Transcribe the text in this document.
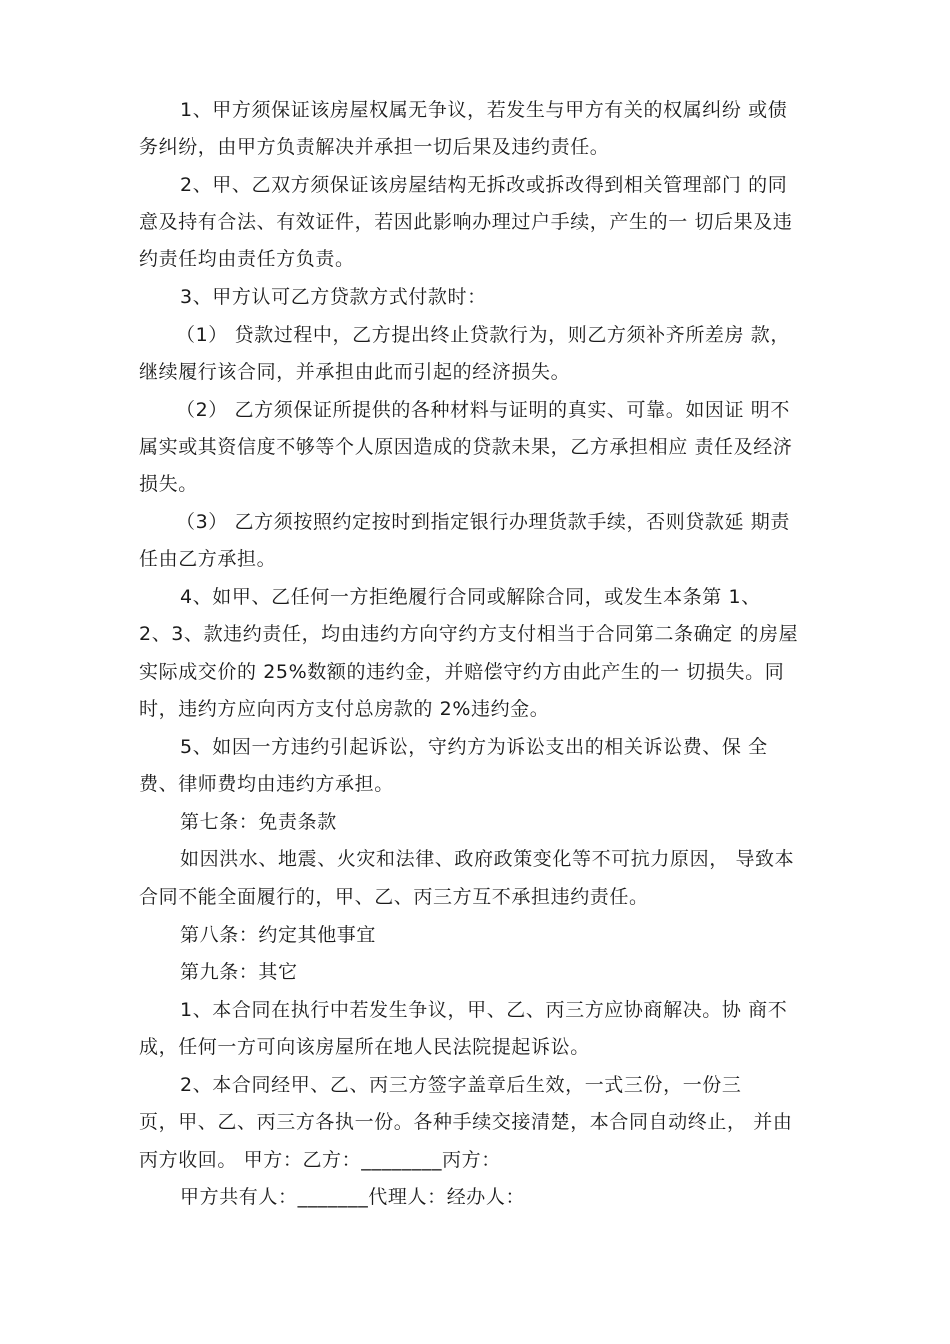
1、甲方须保证该房屋权属无争议，若发生与甲方有关的权属纠纷 或债
务纠纷，由甲方负责解决并承担一切后果及违约责任。
2、甲、乙双方须保证该房屋结构无拆改或拆改得到相关管理部门 的同
意及持有合法、有效证件，若因此影响办理过户手续，产生的一 切后果及违
约责任均由责任方负责。
3、甲方认可乙方贷款方式付款时：
（1） 贷款过程中，乙方提出终止贷款行为，则乙方须补齐所差房 款，
继续履行该合同，并承担由此而引起的经济损失。
（2） 乙方须保证所提供的各种材料与证明的真实、可靠。如因证 明不
属实或其资信度不够等个人原因造成的贷款未果，乙方承担相应 责任及经济
损失。
（3） 乙方须按照约定按时到指定银行办理货款手续，否则贷款延 期责
任由乙方承担。
4、如甲、乙任何一方拒绝履行合同或解除合同，或发生本条第 1、
2、3、款违约责任，均由违约方向守约方支付相当于合同第二条确定 的房屋
实际成交价的 25%数额的违约金，并赔偿守约方由此产生的一 切损失。同
时，违约方应向丙方支付总房款的 2%违约金。
5、如因一方违约引起诉讼，守约方为诉讼支出的相关诉讼费、保 全
费、律师费均由违约方承担。
第七条：免责条款
如因洪水、地震、火灾和法律、政府政策变化等不可抗力原因， 导致本
合同不能全面履行的，甲、乙、丙三方互不承担违约责任。
第八条：约定其他事宜
第九条：其它
1、本合同在执行中若发生争议，甲、乙、丙三方应协商解决。协 商不
成，任何一方可向该房屋所在地人民法院提起诉讼。
2、本合同经甲、乙、丙三方签字盖章后生效，一式三份，一份三
页，甲、乙、丙三方各执一份。各种手续交接清楚，本合同自动终止， 并由
丙方收回。 甲方：乙方：________丙方：
甲方共有人：_______代理人：经办人：
